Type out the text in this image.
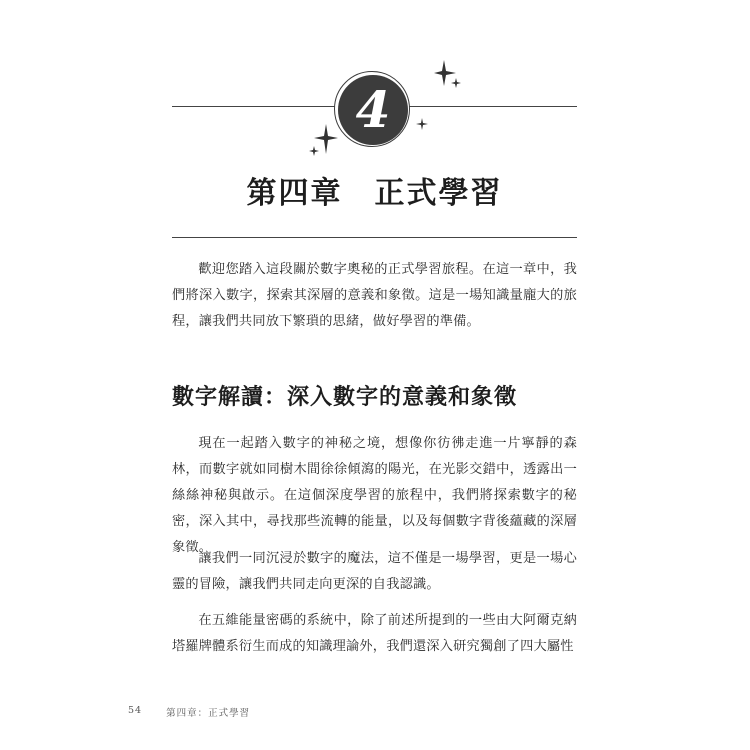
4
第四章　正式學習

歡迎您踏入這段關於數字奧秘的正式學習旅程。在這一章中，我們將深入數字，探索其深層的意義和象徵。這是一場知識量龐大的旅程，讓我們共同放下繁瑣的思緒，做好學習的準備。

數字解讀：深入數字的意義和象徵

現在一起踏入數字的神秘之境，想像你彷彿走進一片寧靜的森林，而數字就如同樹木間徐徐傾瀉的陽光，在光影交錯中，透露出一絲絲神秘與啟示。在這個深度學習的旅程中，我們將探索數字的秘密，深入其中，尋找那些流轉的能量，以及每個數字背後蘊藏的深層象徵。

讓我們一同沉浸於數字的魔法，這不僅是一場學習，更是一場心靈的冒險，讓我們共同走向更深的自我認識。

在五維能量密碼的系統中，除了前述所提到的一些由大阿爾克納塔羅牌體系衍生而成的知識理論外，我們還深入研究獨創了四大屬性

54	第四章：正式學習
